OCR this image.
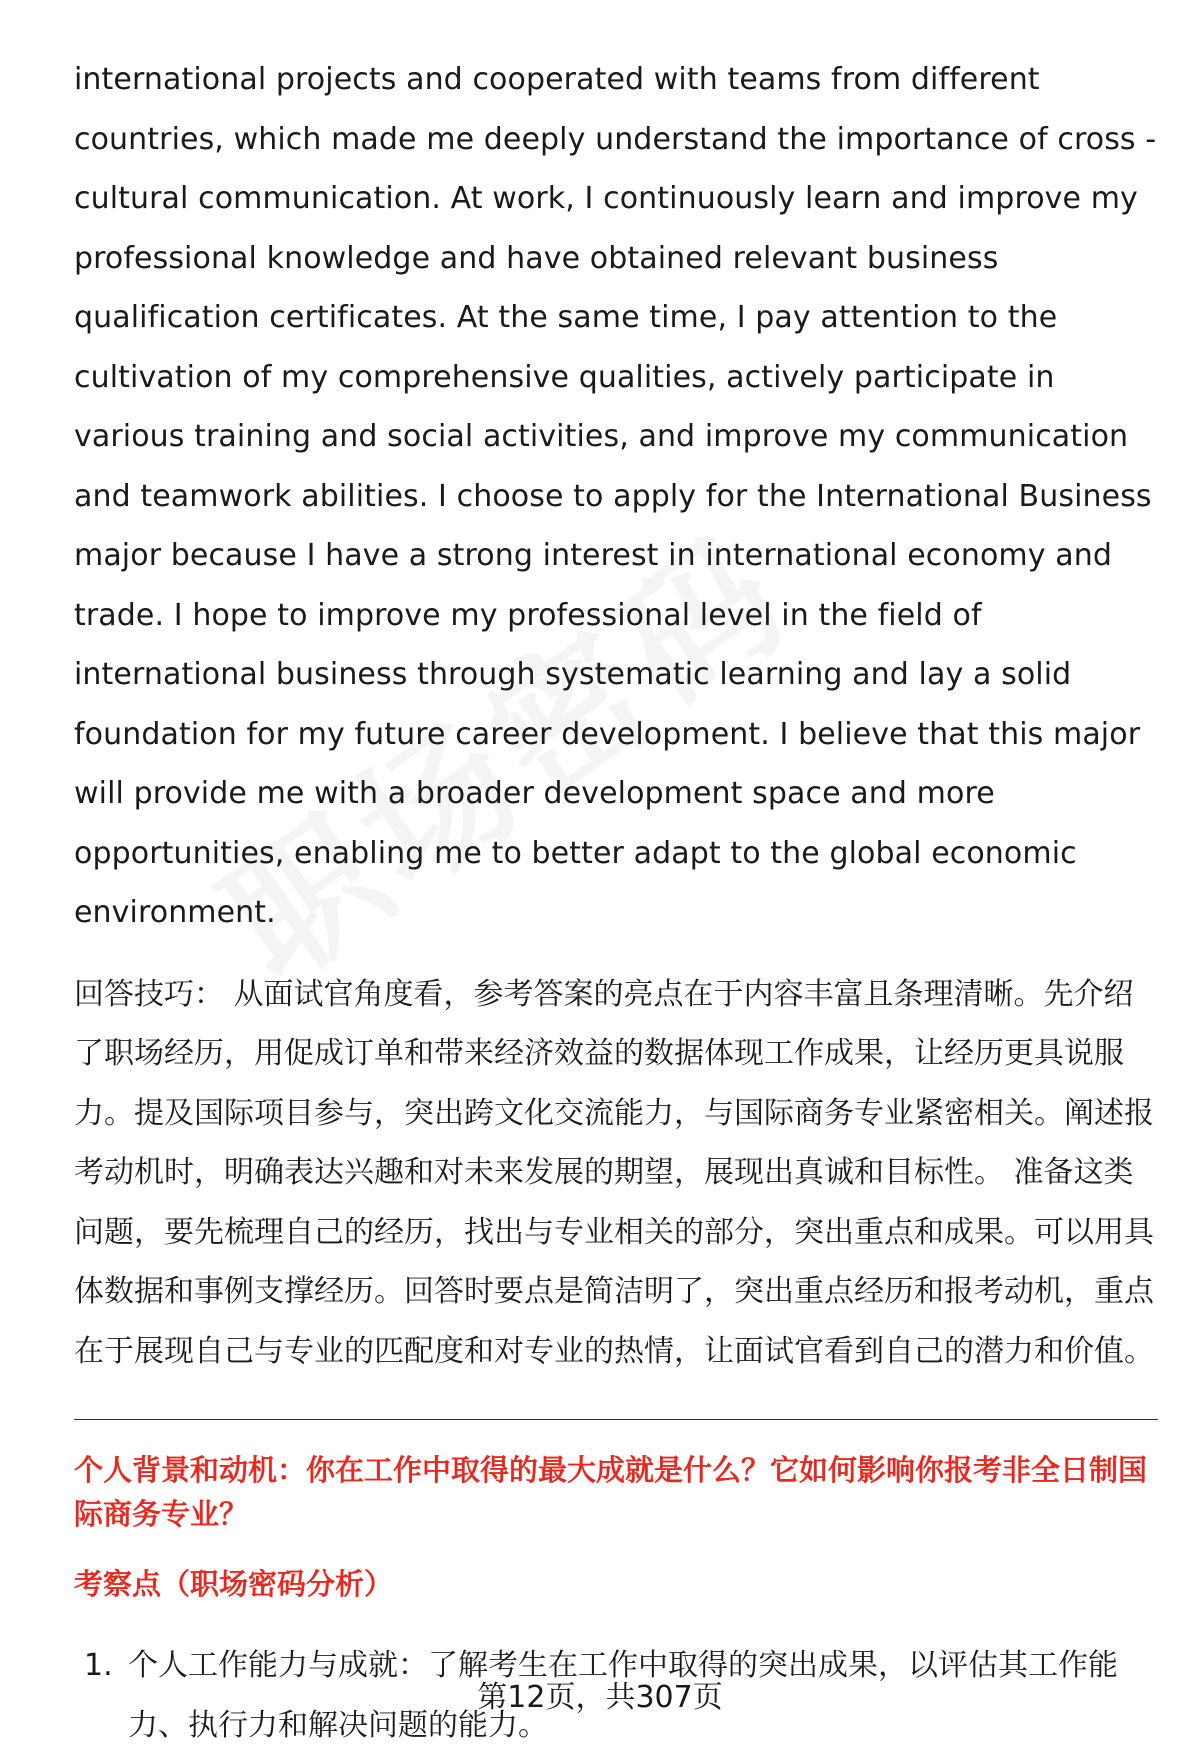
international projects and cooperated with teams from different countries, which made me deeply understand the importance of cross - cultural communication. At work, I continuously learn and improve my professional knowledge and have obtained relevant business qualification certificates. At the same time, I pay attention to the cultivation of my comprehensive qualities, actively participate in various training and social activities, and improve my communication and teamwork abilities. I choose to apply for the International Business major because I have a strong interest in international economy and trade. I hope to improve my professional level in the field of international business through systematic learning and lay a solid foundation for my future career development. I believe that this major will provide me with a broader development space and more opportunities, enabling me to better adapt to the global economic environment.

回答技巧： 从面试官角度看，参考答案的亮点在于内容丰富且条理清晰。先介绍了职场经历，用促成订单和带来经济效益的数据体现工作成果，让经历更具说服力。提及国际项目参与，突出跨文化交流能力，与国际商务专业紧密相关。阐述报考动机时，明确表达兴趣和对未来发展的期望，展现出真诚和目标性。 准备这类问题，要先梳理自己的经历，找出与专业相关的部分，突出重点和成果。可以用具体数据和事例支撑经历。回答时要点是简洁明了，突出重点经历和报考动机，重点在于展现自己与专业的匹配度和对专业的热情，让面试官看到自己的潜力和价值。

个人背景和动机：你在工作中取得的最大成就是什么？它如何影响你报考非全日制国际商务专业？
考察点（职场密码分析）
1. 个人工作能力与成就：了解考生在工作中取得的突出成果，以评估其工作能力、执行力和解决问题的能力。
第12页，共307页
